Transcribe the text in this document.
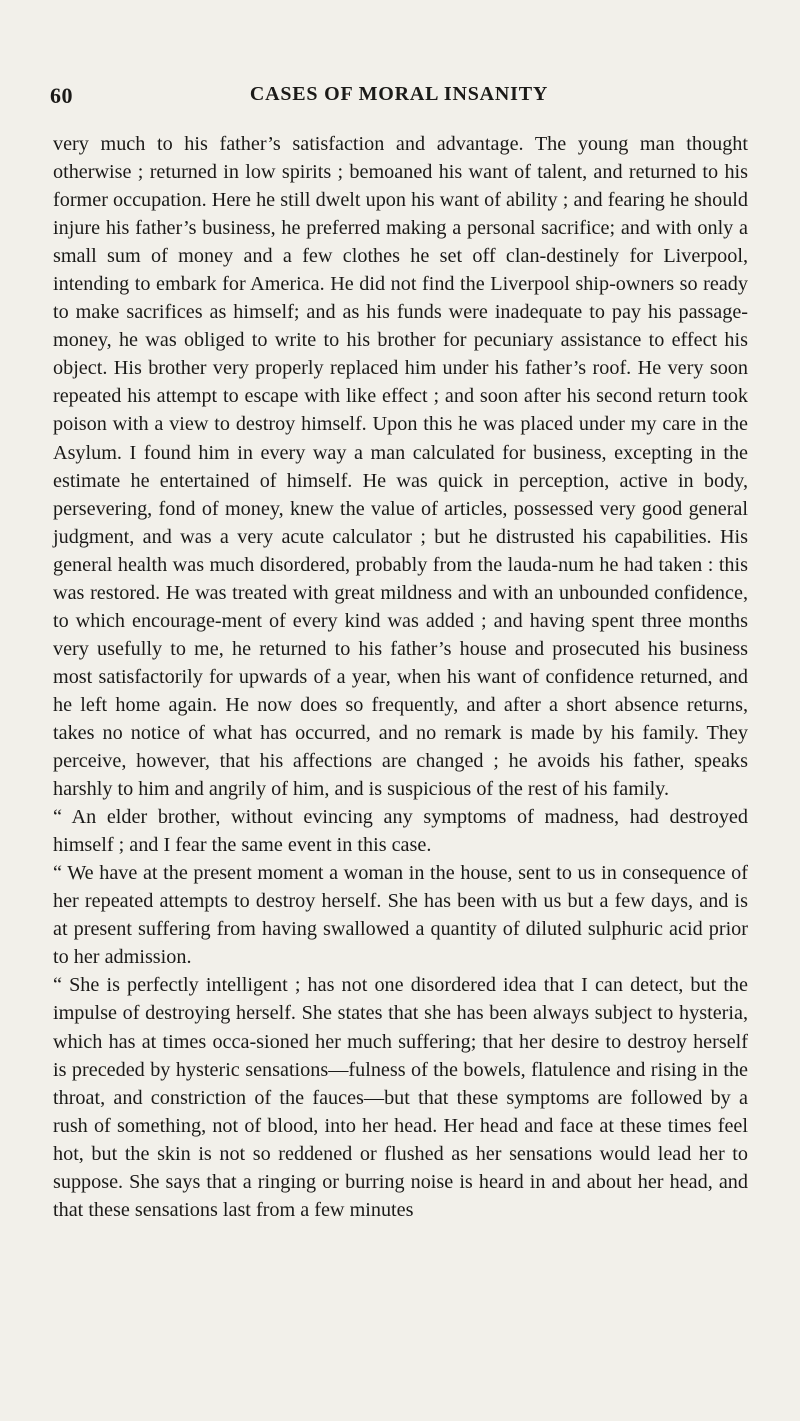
60	CASES OF MORAL INSANITY

very much to his father’s satisfaction and advantage. The young man thought otherwise ; returned in low spirits ; bemoaned his want of talent, and returned to his former occupation. Here he still dwelt upon his want of ability ; and fearing he should injure his father’s business, he preferred making a personal sacrifice; and with only a small sum of money and a few clothes he set off clan-destinely for Liverpool, intending to embark for America. He did not find the Liverpool ship-owners so ready to make sacrifices as himself; and as his funds were inadequate to pay his passage-money, he was obliged to write to his brother for pecuniary assistance to effect his object. His brother very properly replaced him under his father’s roof. He very soon repeated his attempt to escape with like effect ; and soon after his second return took poison with a view to destroy himself. Upon this he was placed under my care in the Asylum. I found him in every way a man calculated for business, excepting in the estimate he entertained of himself. He was quick in perception, active in body, persevering, fond of money, knew the value of articles, possessed very good general judgment, and was a very acute calculator ; but he distrusted his capabilities. His general health was much disordered, probably from the lauda-num he had taken : this was restored. He was treated with great mildness and with an unbounded confidence, to which encourage-ment of every kind was added ; and having spent three months very usefully to me, he returned to his father’s house and prosecuted his business most satisfactorily for upwards of a year, when his want of confidence returned, and he left home again. He now does so frequently, and after a short absence returns, takes no notice of what has occurred, and no remark is made by his family. They perceive, however, that his affections are changed ; he avoids his father, speaks harshly to him and angrily of him, and is suspicious of the rest of his family.

“ An elder brother, without evincing any symptoms of madness, had destroyed himself ; and I fear the same event in this case.

“ We have at the present moment a woman in the house, sent to us in consequence of her repeated attempts to destroy herself. She has been with us but a few days, and is at present suffering from having swallowed a quantity of diluted sulphuric acid prior to her admission.

“ She is perfectly intelligent ; has not one disordered idea that I can detect, but the impulse of destroying herself. She states that she has been always subject to hysteria, which has at times occa-sioned her much suffering; that her desire to destroy herself is preceded by hysteric sensations—fulness of the bowels, flatulence and rising in the throat, and constriction of the fauces—but that these symptoms are followed by a rush of something, not of blood, into her head. Her head and face at these times feel hot, but the skin is not so reddened or flushed as her sensations would lead her to suppose. She says that a ringing or burring noise is heard in and about her head, and that these sensations last from a few minutes
